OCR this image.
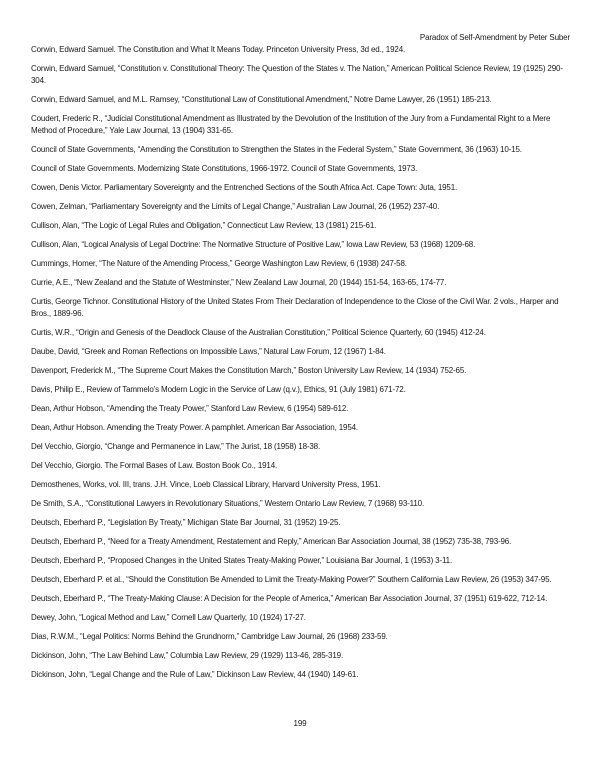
Paradox of Self-Amendment by Peter Suber

Corwin, Edward Samuel. The Constitution and What It Means Today. Princeton University Press, 3d ed., 1924.

Corwin, Edward Samuel, “Constitution v. Constitutional Theory: The Question of the States v. The Nation,” American Political Science Review, 19 (1925) 290-304.

Corwin, Edward Samuel, and M.L. Ramsey, “Constitutional Law of Constitutional Amendment,” Notre Dame Lawyer, 26 (1951) 185-213.

Coudert, Frederic R., “Judicial Constitutional Amendment as Illustrated by the Devolution of the Institution of the Jury from a Fundamental Right to a Mere Method of Procedure,” Yale Law Journal, 13 (1904) 331-65.

Council of State Governments, “Amending the Constitution to Strengthen the States in the Federal System,” State Government, 36 (1963) 10-15.

Council of State Governments. Modernizing State Constitutions, 1966-1972. Council of State Governments, 1973.

Cowen, Denis Victor. Parliamentary Sovereignty and the Entrenched Sections of the South Africa Act. Cape Town: Juta, 1951.

Cowen, Zelman, “Parliamentary Sovereignty and the Limits of Legal Change,” Australian Law Journal, 26 (1952) 237-40.

Cullison, Alan, “The Logic of Legal Rules and Obligation,” Connecticut Law Review, 13 (1981) 215-61.

Cullison, Alan, “Logical Analysis of Legal Doctrine: The Normative Structure of Positive Law,” Iowa Law Review, 53 (1968) 1209-68.

Cummings, Homer, “The Nature of the Amending Process,” George Washington Law Review, 6 (1938) 247-58.

Currie, A.E., “New Zealand and the Statute of Westminster,” New Zealand Law Journal, 20 (1944) 151-54, 163-65, 174-77.

Curtis, George Tichnor. Constitutional History of the United States From Their Declaration of Independence to the Close of the Civil War. 2 vols., Harper and Bros., 1889-96.

Curtis, W.R., “Origin and Genesis of the Deadlock Clause of the Australian Constitution,” Political Science Quarterly, 60 (1945) 412-24.

Daube, David, “Greek and Roman Reflections on Impossible Laws,” Natural Law Forum, 12 (1967) 1-84.

Davenport, Frederick M., “The Supreme Court Makes the Constitution March,” Boston University Law Review, 14 (1934) 752-65.

Davis, Philip E., Review of Tammelo’s Modern Logic in the Service of Law (q.v.), Ethics, 91 (July 1981) 671-72.

Dean, Arthur Hobson, “Amending the Treaty Power,” Stanford Law Review, 6 (1954) 589-612.

Dean, Arthur Hobson. Amending the Treaty Power. A pamphlet. American Bar Association, 1954.

Del Vecchio, Giorgio, “Change and Permanence in Law,” The Jurist, 18 (1958) 18-38.

Del Vecchio, Giorgio. The Formal Bases of Law. Boston Book Co., 1914.

Demosthenes, Works, vol. III, trans. J.H. Vince, Loeb Classical Library, Harvard University Press, 1951.

De Smith, S.A., “Constitutional Lawyers in Revolutionary Situations,” Western Ontario Law Review, 7 (1968) 93-110.

Deutsch, Eberhard P., “Legislation By Treaty,” Michigan State Bar Journal, 31 (1952) 19-25.

Deutsch, Eberhard P., “Need for a Treaty Amendment, Restatement and Reply,” American Bar Association Journal, 38 (1952) 735-38, 793-96.

Deutsch, Eberhard P., “Proposed Changes in the United States Treaty-Making Power,” Louisiana Bar Journal, 1 (1953) 3-11.

Deutsch, Eberhard P. et al., “Should the Constitution Be Amended to Limit the Treaty-Making Power?” Southern California Law Review, 26 (1953) 347-95.

Deutsch, Eberhard P., “The Treaty-Making Clause: A Decision for the People of America,” American Bar Association Journal, 37 (1951) 619-622, 712-14.

Dewey, John, “Logical Method and Law,” Cornell Law Quarterly, 10 (1924) 17-27.

Dias, R.W.M., “Legal Politics: Norms Behind the Grundnorm,” Cambridge Law Journal, 26 (1968) 233-59.

Dickinson, John, “The Law Behind Law,” Columbia Law Review, 29 (1929) 113-46, 285-319.

Dickinson, John, “Legal Change and the Rule of Law,” Dickinson Law Review, 44 (1940) 149-61.

199
